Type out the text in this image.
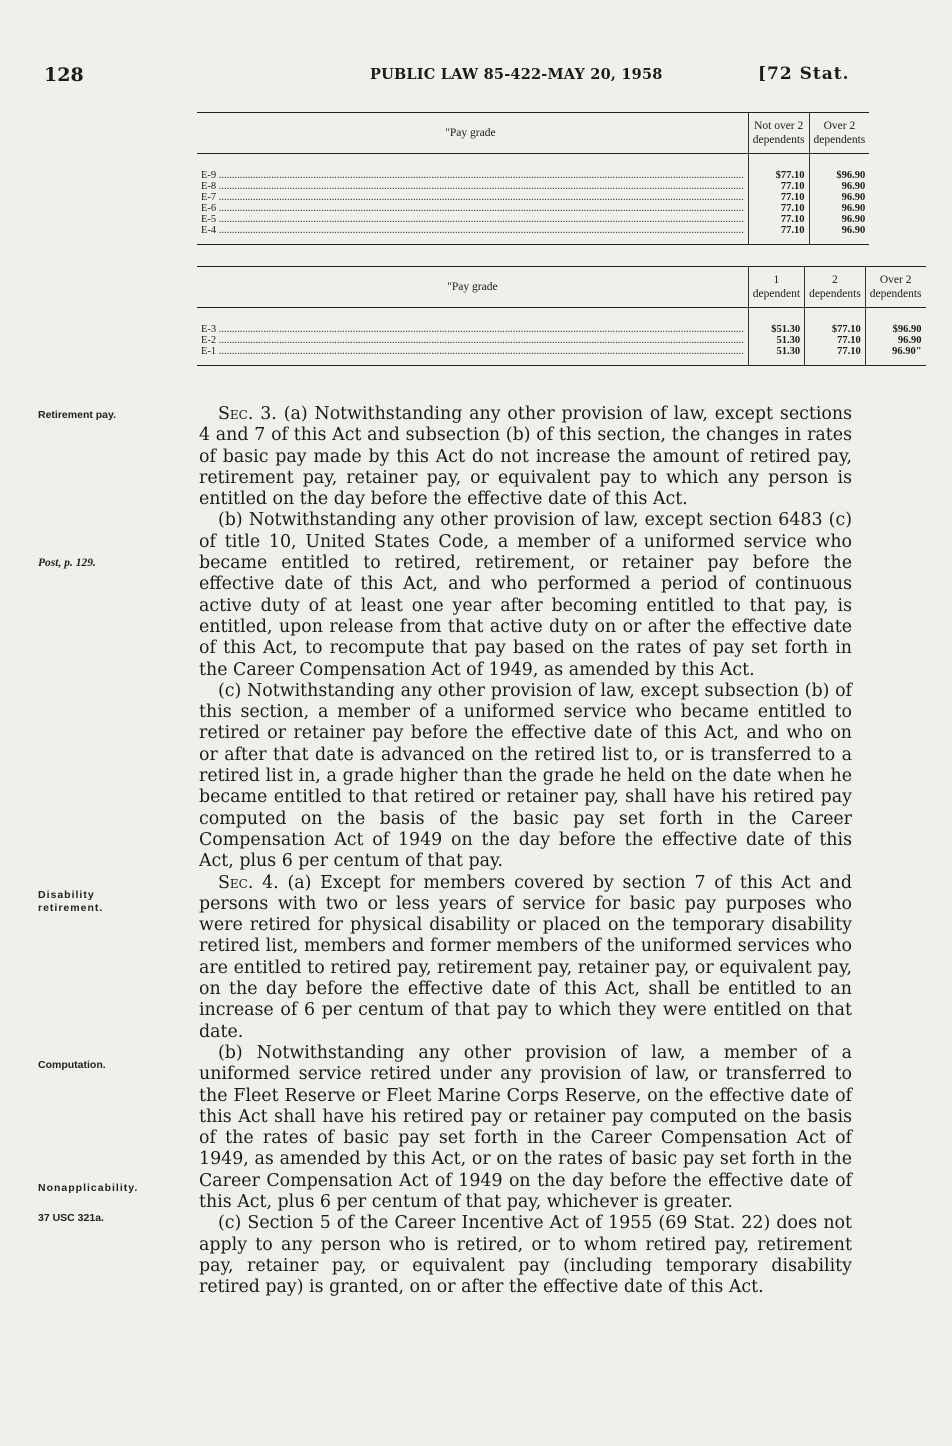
128	PUBLIC LAW 85-422-MAY 20, 1958	[72 Stat.
"Pay grade	Not over 2 dependents	Over 2 dependents

E-9 .....	$77.10	$96.90
E-8 .....	77.10	96.90
E-7 .....	77.10	96.90
E-6 .....	77.10	96.90
E-5 .....	77.10	96.90
E-4 .....	77.10	96.90
"Pay grade	1 dependent	2 dependents	Over 2 dependents

E-3 .....	$51.30	$77.10	$96.90
E-2 .....	51.30	77.10	96.90
E-1 .....	51.30	77.10	96.90"
Retirement pay.
Post, p. 129.
Disability retirement.
Computation.
Nonapplicability.
37 USC 321a.

Sec. 3. (a) Notwithstanding any other provision of law, except sections 4 and 7 of this Act and subsection (b) of this section, the changes in rates of basic pay made by this Act do not increase the amount of retired pay, retirement pay, retainer pay, or equivalent pay to which any person is entitled on the day before the effective date of this Act.

(b) Notwithstanding any other provision of law, except section 6483 (c) of title 10, United States Code, a member of a uniformed service who became entitled to retired, retirement, or retainer pay before the effective date of this Act, and who performed a period of continuous active duty of at least one year after becoming entitled to that pay, is entitled, upon release from that active duty on or after the effective date of this Act, to recompute that pay based on the rates of pay set forth in the Career Compensation Act of 1949, as amended by this Act.

(c) Notwithstanding any other provision of law, except subsection (b) of this section, a member of a uniformed service who became entitled to retired or retainer pay before the effective date of this Act, and who on or after that date is advanced on the retired list to, or is transferred to a retired list in, a grade higher than the grade he held on the date when he became entitled to that retired or retainer pay, shall have his retired pay computed on the basis of the basic pay set forth in the Career Compensation Act of 1949 on the day before the effective date of this Act, plus 6 per centum of that pay.

Sec. 4. (a) Except for members covered by section 7 of this Act and persons with two or less years of service for basic pay purposes who were retired for physical disability or placed on the temporary disability retired list, members and former members of the uniformed services who are entitled to retired pay, retirement pay, retainer pay, or equivalent pay, on the day before the effective date of this Act, shall be entitled to an increase of 6 per centum of that pay to which they were entitled on that date.

(b) Notwithstanding any other provision of law, a member of a uniformed service retired under any provision of law, or transferred to the Fleet Reserve or Fleet Marine Corps Reserve, on the effective date of this Act shall have his retired pay or retainer pay computed on the basis of the rates of basic pay set forth in the Career Compensation Act of 1949, as amended by this Act, or on the rates of basic pay set forth in the Career Compensation Act of 1949 on the day before the effective date of this Act, plus 6 per centum of that pay, whichever is greater.

(c) Section 5 of the Career Incentive Act of 1955 (69 Stat. 22) does not apply to any person who is retired, or to whom retired pay, retirement pay, retainer pay, or equivalent pay (including temporary disability retired pay) is granted, on or after the effective date of this Act.
